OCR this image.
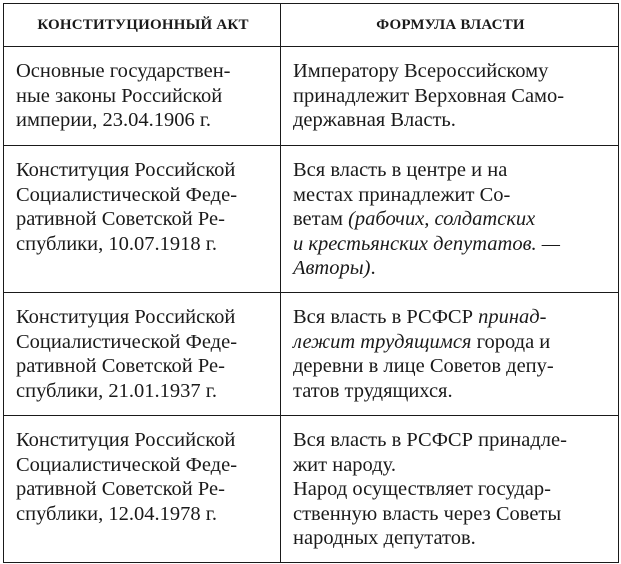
КОНСТИТУЦИОННЫЙ АКТ	ФОРМУЛА ВЛАСТИ

Основные государствен-
ные законы Российской
империи, 23.04.1906 г.	Императору Всероссийскому
принадлежит Верховная Само-
державная Власть.

Конституция Российской
Социалистической Феде-
ративной Советской Ре-
спублики, 10.07.1918 г.	Вся власть в центре и на
местах принадлежит Со-
ветам (рабочих, солдатских
и крестьянских депутатов. —
Авторы).

Конституция Российской
Социалистической Феде-
ративной Советской Ре-
спублики, 21.01.1937 г.	Вся власть в РСФСР принад-
лежит трудящимся города и
деревни в лице Советов депу-
татов трудящихся.

Конституция Российской
Социалистической Феде-
ративной Советской Ре-
спублики, 12.04.1978 г.	Вся власть в РСФСР принадле-
жит народу.
Народ осуществляет государ-
ственную власть через Советы
народных депутатов.
